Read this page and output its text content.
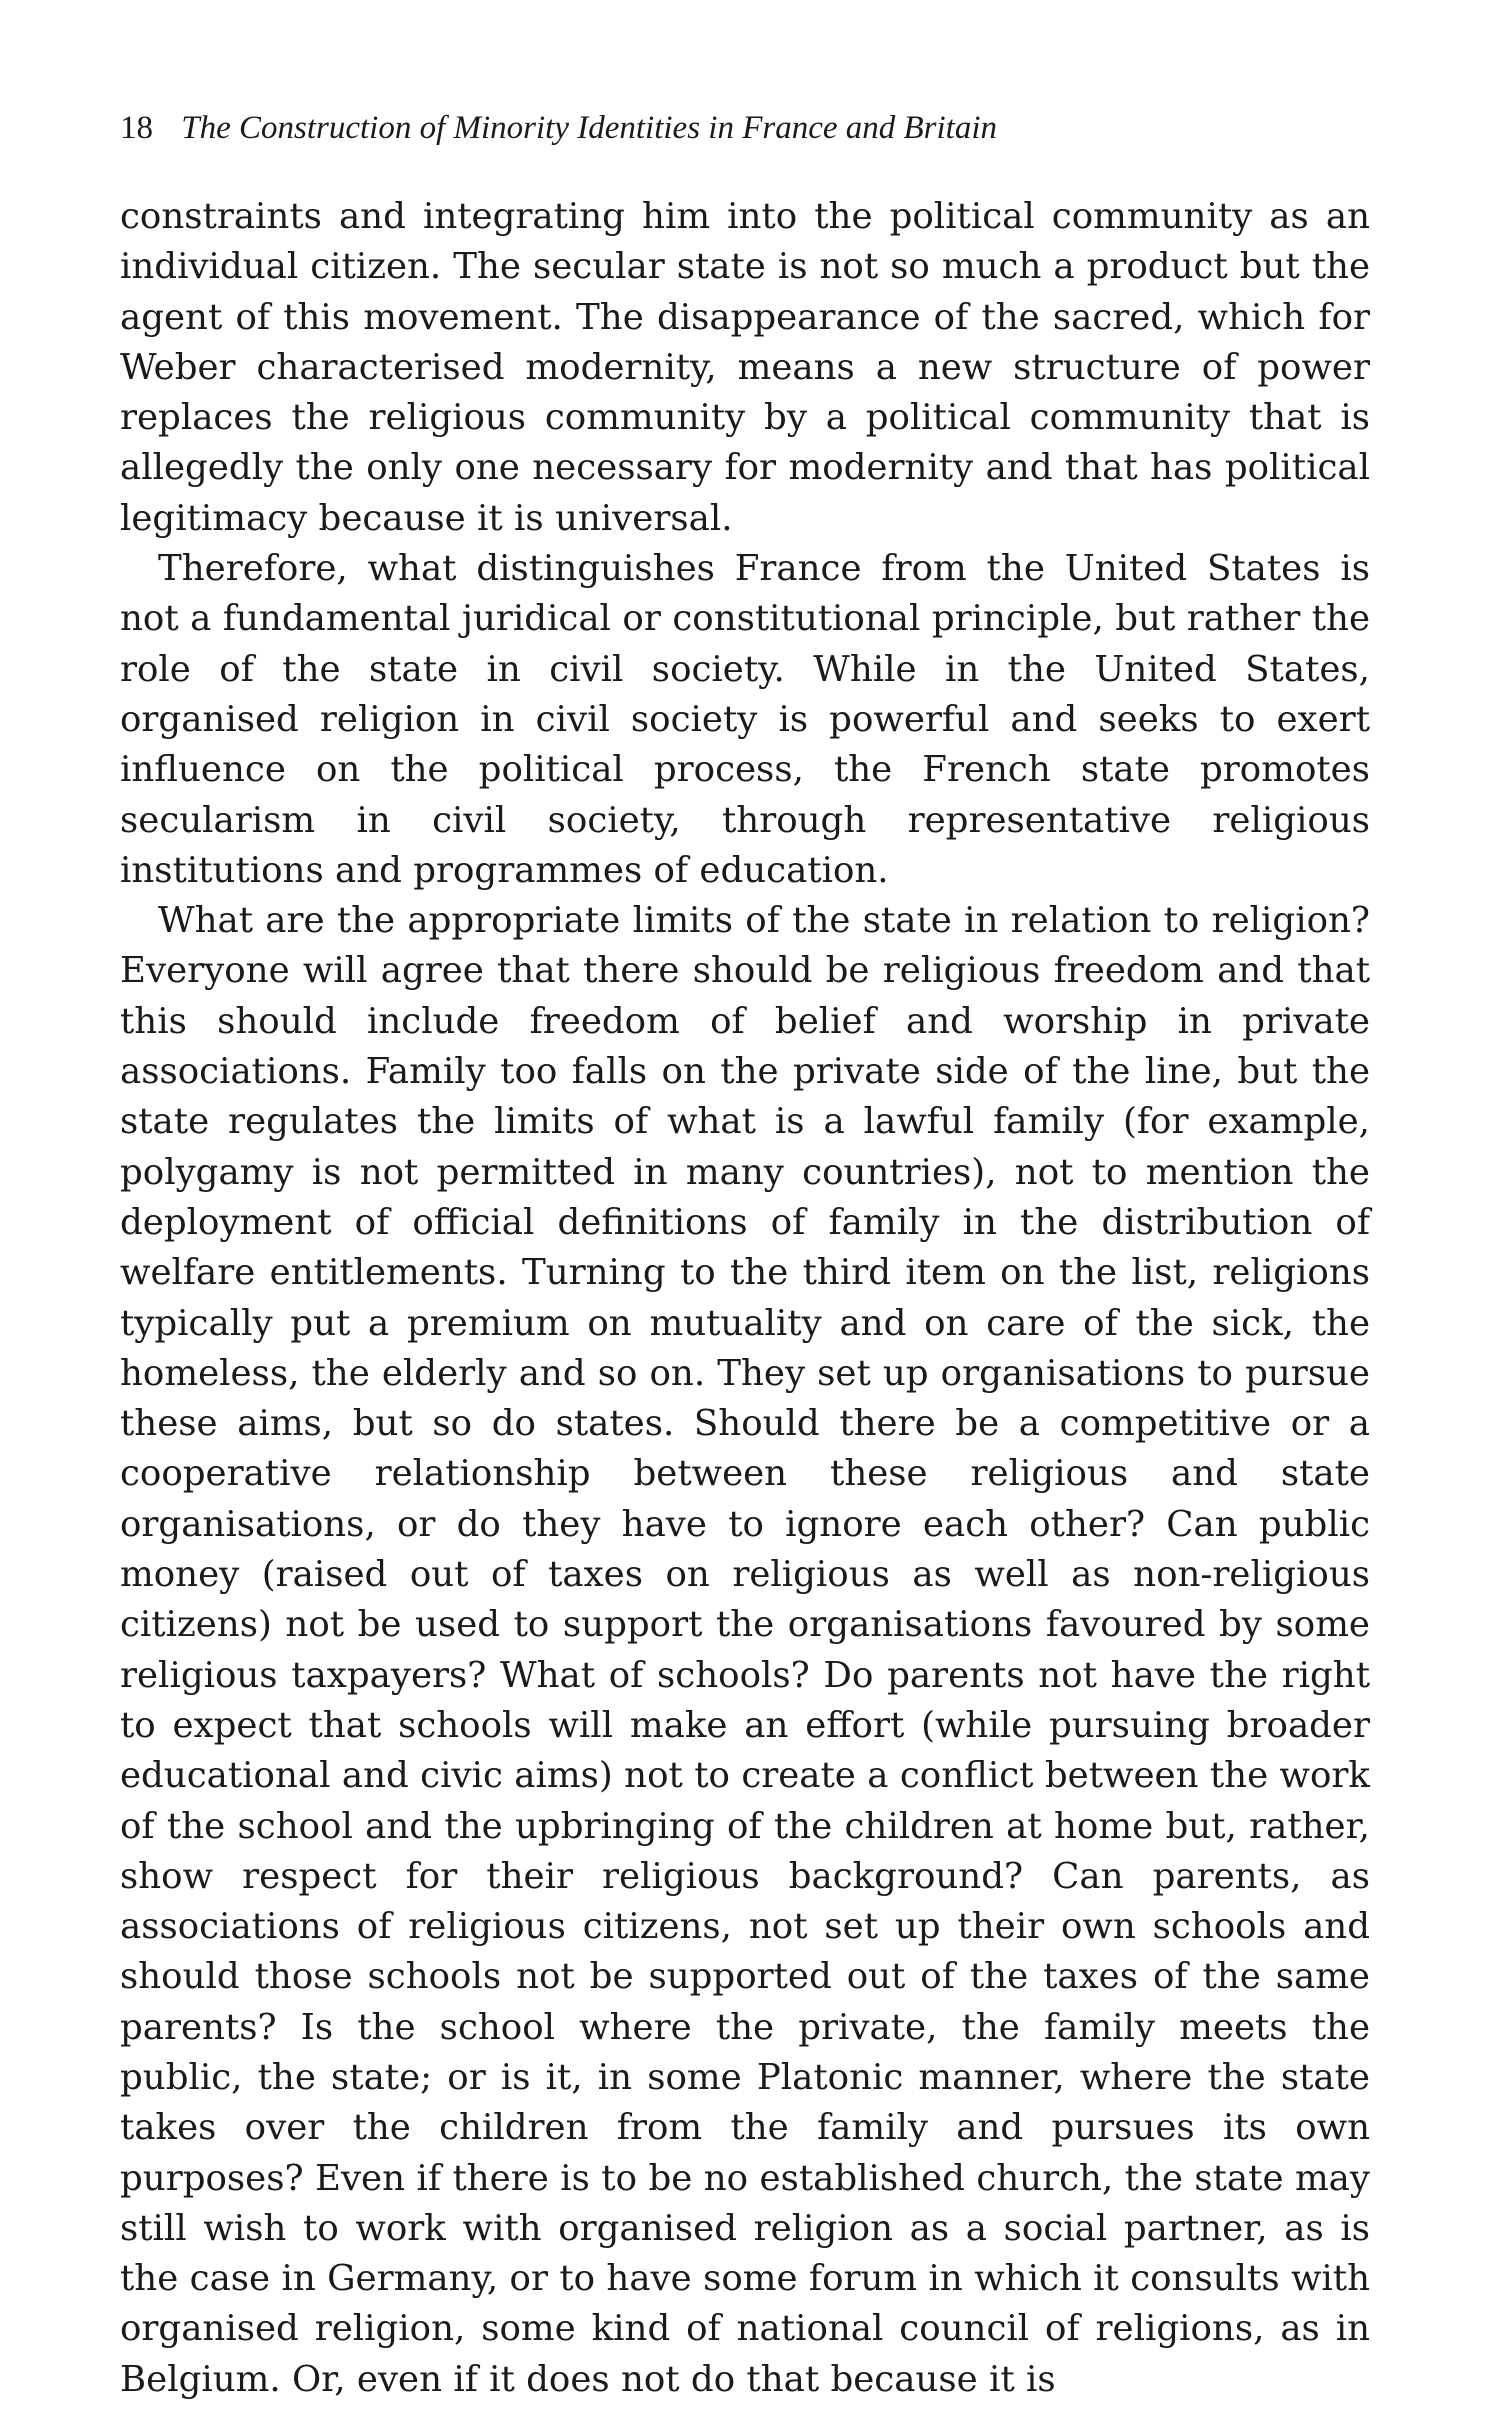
18 The Construction of Minority Identities in France and Britain

constraints and integrating him into the political community as an individual citizen. The secular state is not so much a product but the agent of this movement. The disappearance of the sacred, which for Weber characterised modernity, means a new structure of power replaces the religious community by a political community that is allegedly the only one necessary for modernity and that has political legitimacy because it is universal.

Therefore, what distinguishes France from the United States is not a fundamental juridical or constitutional principle, but rather the role of the state in civil society. While in the United States, organised religion in civil society is powerful and seeks to exert influence on the political process, the French state promotes secularism in civil society, through representative religious institutions and programmes of education.

What are the appropriate limits of the state in relation to religion? Everyone will agree that there should be religious freedom and that this should include freedom of belief and worship in private associations. Family too falls on the private side of the line, but the state regulates the limits of what is a lawful family (for example, polygamy is not permitted in many countries), not to mention the deployment of official definitions of family in the distribution of welfare entitlements. Turning to the third item on the list, religions typically put a premium on mutuality and on care of the sick, the homeless, the elderly and so on. They set up organisations to pursue these aims, but so do states. Should there be a competitive or a cooperative relationship between these religious and state organisations, or do they have to ignore each other? Can public money (raised out of taxes on religious as well as non-religious citizens) not be used to support the organisations favoured by some religious taxpayers? What of schools? Do parents not have the right to expect that schools will make an effort (while pursuing broader educational and civic aims) not to create a conflict between the work of the school and the upbringing of the children at home but, rather, show respect for their religious background? Can parents, as associations of religious citizens, not set up their own schools and should those schools not be supported out of the taxes of the same parents? Is the school where the private, the family meets the public, the state; or is it, in some Platonic manner, where the state takes over the children from the family and pursues its own purposes? Even if there is to be no established church, the state may still wish to work with organised religion as a social partner, as is the case in Germany, or to have some forum in which it consults with organised religion, some kind of national council of religions, as in Belgium. Or, even if it does not do that because it is
